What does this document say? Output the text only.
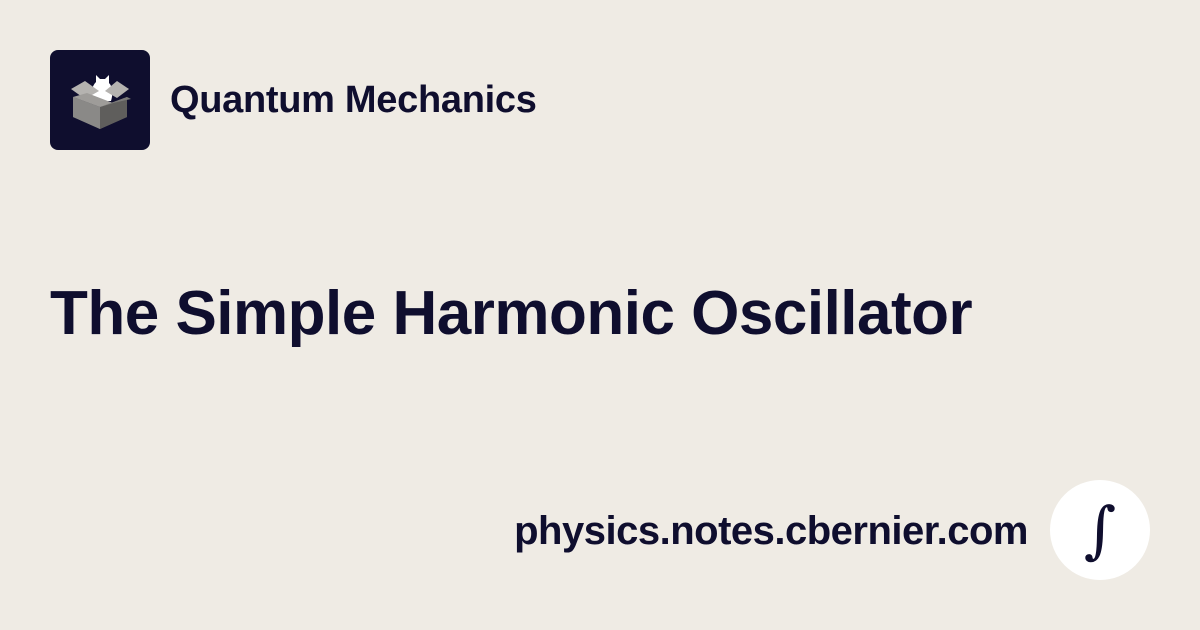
Quantum Mechanics
The Simple Harmonic Oscillator
physics.notes.cbernier.com ∫
